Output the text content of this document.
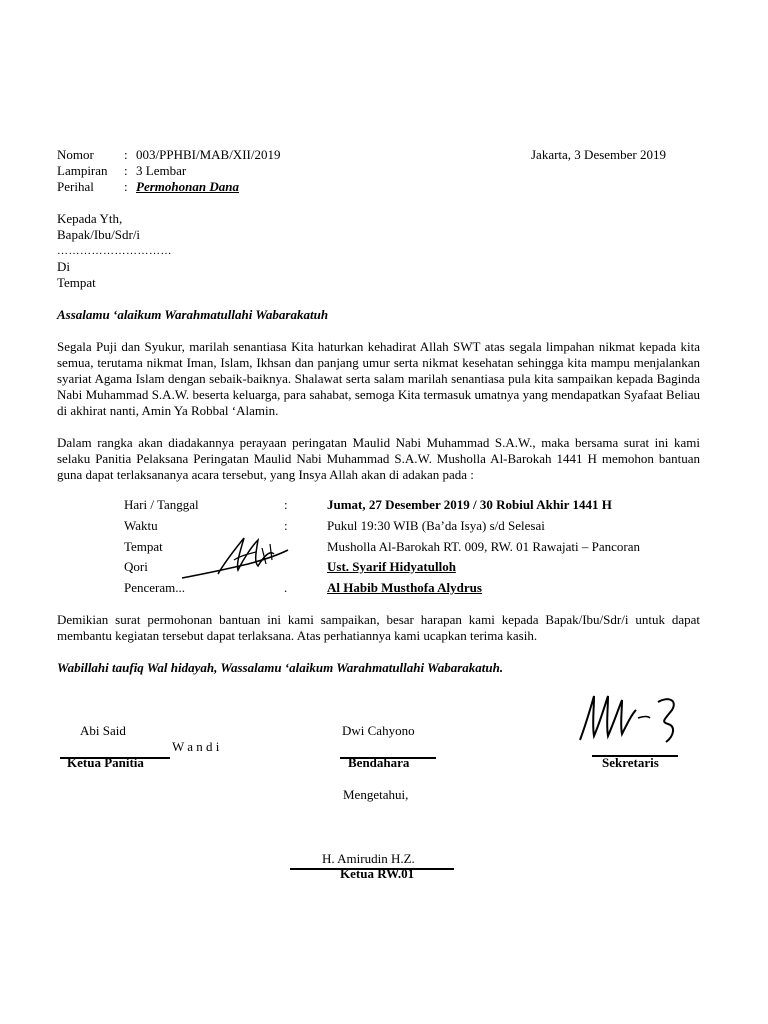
Nomor : 003/PPHBI/MAB/XII/2019	Jakarta, 3 Desember 2019
Lampiran : 3 Lembar
Perihal : Permohonan Dana
Kepada Yth,
Bapak/Ibu/Sdr/i
…………………………
Di
Tempat
Assalamu ‘alaikum Warahmatullahi Wabarakatuh
Segala Puji dan Syukur, marilah senantiasa Kita haturkan kehadirat Allah SWT atas segala limpahan nikmat kepada kita semua, terutama nikmat Iman, Islam, Ikhsan dan panjang umur serta nikmat kesehatan sehingga kita mampu menjalankan syariat Agama Islam dengan sebaik-baiknya. Shalawat serta salam marilah senantiasa pula kita sampaikan kepada Baginda Nabi Muhammad S.A.W. beserta keluarga, para sahabat, semoga Kita termasuk umatnya yang mendapatkan Syafaat Beliau di akhirat nanti, Amin Ya Robbal ‘Alamin.
Dalam rangka akan diadakannya perayaan peringatan Maulid Nabi Muhammad S.A.W., maka bersama surat ini kami selaku Panitia Pelaksana Peringatan Maulid Nabi Muhammad S.A.W. Musholla Al-Barokah 1441 H memohon bantuan guna dapat terlaksananya acara tersebut, yang Insya Allah akan di adakan pada :
Hari / Tanggal	:	Jumat, 27 Desember 2019 / 30 Robiul Akhir 1441 H
Waktu	:	Pukul 19:30 WIB (Ba’da Isya) s/d Selesai
Tempat	Musholla Al-Barokah RT. 009, RW. 01 Rawajati – Pancoran
Qori	Ust. Syarif Hidyatulloh
Penceram...	.	Al Habib Musthofa Alydrus
Demikian surat permohonan bantuan ini kami sampaikan, besar harapan kami kepada Bapak/Ibu/Sdr/i untuk dapat membantu kegiatan tersebut dapat terlaksana. Atas perhatiannya kami ucapkan terima kasih.
Wabillahi taufiq Wal hidayah, Wassalamu ‘alaikum Warahmatullahi Wabarakatuh.
Abi Said
W a n d i
Ketua Panitia
Dwi Cahyono
Bendahara	Sekretaris
Mengetahui,
H. Amirudin H.Z.
Ketua RW.01
